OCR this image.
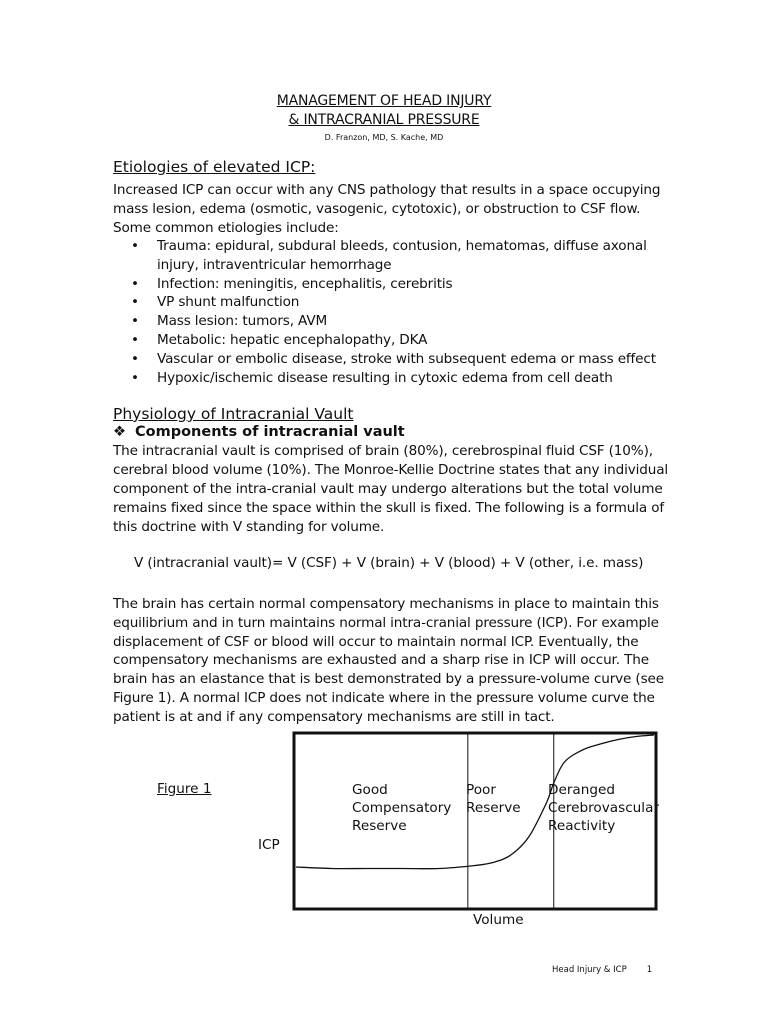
MANAGEMENT OF HEAD INJURY
& INTRACRANIAL PRESSURE
D. Franzon, MD, S. Kache, MD
Etiologies of elevated ICP:
Increased ICP can occur with any CNS pathology that results in a space occupying mass lesion, edema (osmotic, vasogenic, cytotoxic), or obstruction to CSF flow. Some common etiologies include:
• Trauma: epidural, subdural bleeds, contusion, hematomas, diffuse axonal injury, intraventricular hemorrhage
• Infection: meningitis, encephalitis, cerebritis
• VP shunt malfunction
• Mass lesion: tumors, AVM
• Metabolic: hepatic encephalopathy, DKA
• Vascular or embolic disease, stroke with subsequent edema or mass effect
• Hypoxic/ischemic disease resulting in cytoxic edema from cell death
Physiology of Intracranial Vault
❖ Components of intracranial vault
The intracranial vault is comprised of brain (80%), cerebrospinal fluid CSF (10%), cerebral blood volume (10%). The Monroe-Kellie Doctrine states that any individual component of the intra-cranial vault may undergo alterations but the total volume remains fixed since the space within the skull is fixed. The following is a formula of this doctrine with V standing for volume.
V (intracranial vault)= V (CSF) + V (brain) + V (blood) + V (other, i.e. mass)
The brain has certain normal compensatory mechanisms in place to maintain this equilibrium and in turn maintains normal intra-cranial pressure (ICP). For example displacement of CSF or blood will occur to maintain normal ICP. Eventually, the compensatory mechanisms are exhausted and a sharp rise in ICP will occur. The brain has an elastance that is best demonstrated by a pressure-volume curve (see Figure 1). A normal ICP does not indicate where in the pressure volume curve the patient is at and if any compensatory mechanisms are still in tact.
Figure 1
ICP
Volume
Good
Compensatory
Reserve
Poor
Reserve
Deranged
Cerebrovascular
Reactivity
Head Injury & ICP 1
